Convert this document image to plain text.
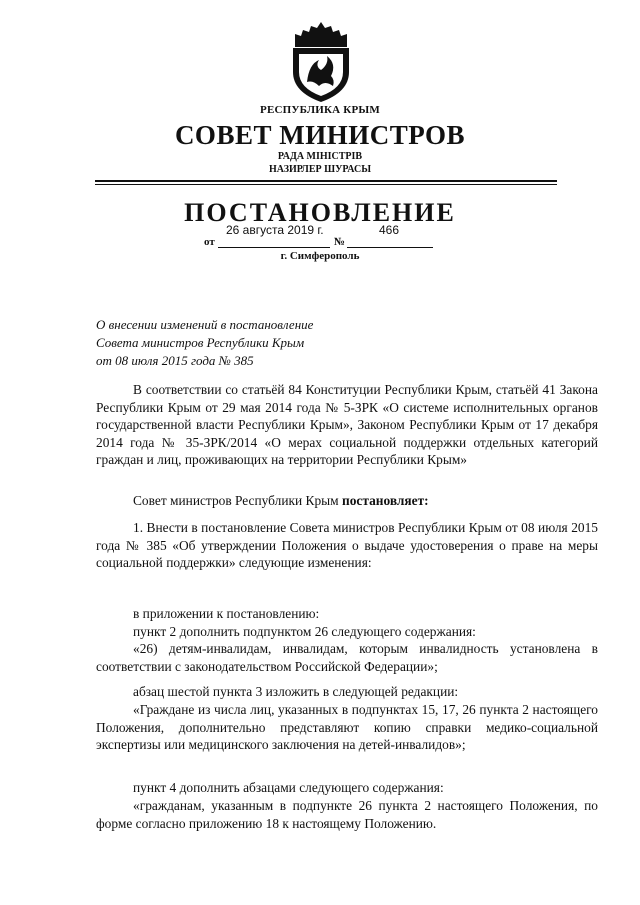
РЕСПУБЛИКА КРЫМ
СОВЕТ МИНИСТРОВ
РАДА МІНІСТРІВ
НАЗИРЛЕР ШУРАСЫ
ПОСТАНОВЛЕНИЕ
26 августа 2019 г.	466
от	№
г. Симферополь
О внесении изменений в постановление
Совета министров Республики Крым
от 08 июля 2015 года № 385
В соответствии со статьёй 84 Конституции Республики Крым, статьёй 41 Закона Республики Крым от 29 мая 2014 года № 5-ЗРК «О системе исполнительных органов государственной власти Республики Крым», Законом Республики Крым от 17 декабря 2014 года № 35-ЗРК/2014 «О мерах социальной поддержки отдельных категорий граждан и лиц, проживающих на территории Республики Крым»
Совет министров Республики Крым постановляет:
1. Внести в постановление Совета министров Республики Крым от 08 июля 2015 года № 385 «Об утверждении Положения о выдаче удостоверения о праве на меры социальной поддержки» следующие изменения:
в приложении к постановлению:
пункт 2 дополнить подпунктом 26 следующего содержания:
«26) детям-инвалидам, инвалидам, которым инвалидность установлена в соответствии с законодательством Российской Федерации»;
абзац шестой пункта 3 изложить в следующей редакции:
«Граждане из числа лиц, указанных в подпунктах 15, 17, 26 пункта 2 настоящего Положения, дополнительно представляют копию справки медико-социальной экспертизы или медицинского заключения на детей-инвалидов»;
пункт 4 дополнить абзацами следующего содержания:
«гражданам, указанным в подпункте 26 пункта 2 настоящего Положения, по форме согласно приложению 18 к настоящему Положению.
